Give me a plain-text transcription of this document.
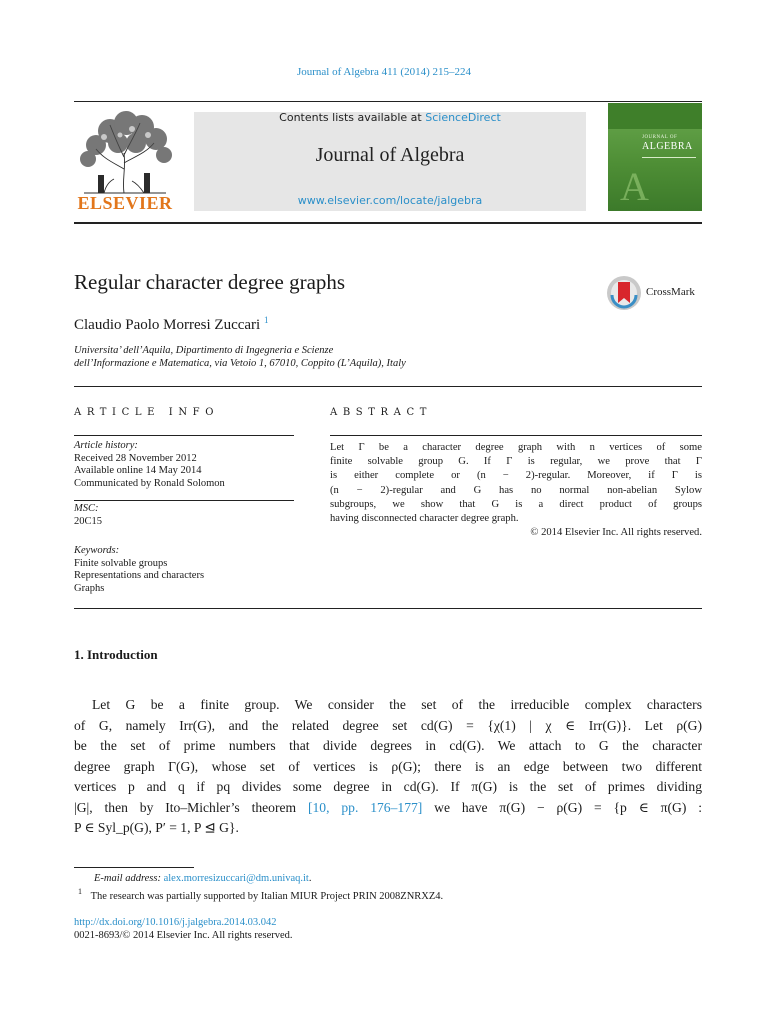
Journal of Algebra 411 (2014) 215–224
ELSEVIER
Contents lists available at ScienceDirect
Journal of Algebra
www.elsevier.com/locate/jalgebra
JOURNAL OF
ALGEBRA
A
Regular character degree graphs	CrossMark
Claudio Paolo Morresi Zuccari $^1$
Universita’ dell’Aquila, Dipartimento di Ingegneria e Scienze
dell’Informazione e Matematica, via Vetoio 1, 67010, Coppito (L’Aquila), Italy
ARTICLE INFO
Article history:
Received 28 November 2012
Available online 14 May 2014
Communicated by Ronald Solomon
MSC:
20C15
Keywords:
Finite solvable groups
Representations and characters
Graphs
ABSTRACT
Let Γ be a character degree graph with n vertices of some
finite solvable group G. If Γ is regular, we prove that Γ
is either complete or (n − 2)-regular. Moreover, if Γ is
(n − 2)-regular and G has no normal non-abelian Sylow
subgroups, we show that G is a direct product of groups
having disconnected character degree graph.
© 2014 Elsevier Inc. All rights reserved.
1. Introduction
Let G be a finite group. We consider the set of the irreducible complex characters
of G, namely Irr(G), and the related degree set cd(G) = {χ(1) | χ ∈ Irr(G)}. Let ρ(G)
be the set of prime numbers that divide degrees in cd(G). We attach to G the character
degree graph Γ(G), whose set of vertices is ρ(G); there is an edge between two different
vertices p and q if pq divides some degree in cd(G). If π(G) is the set of primes dividing
|G|, then by Ito–Michler’s theorem [10, pp. 176–177] we have π(G) − ρ(G) = {p ∈ π(G) :
P ∈ Syl_p(G), P′ = 1, P ⊴ G}.
E-mail address: alex.morresizuccari@dm.univaq.it.
$^1$ The research was partially supported by Italian MIUR Project PRIN 2008ZNRXZ4.
http://dx.doi.org/10.1016/j.jalgebra.2014.03.042
0021-8693/© 2014 Elsevier Inc. All rights reserved.
